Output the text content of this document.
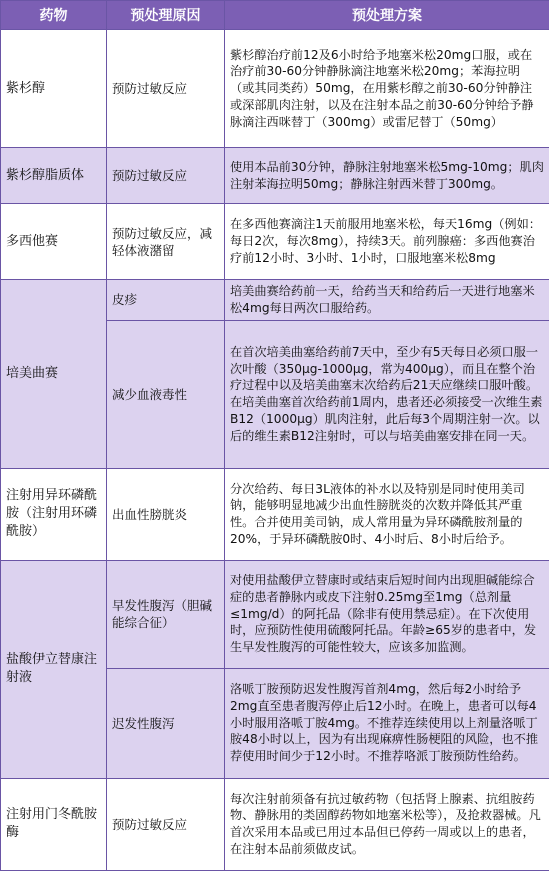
药物	预处理原因	预处理方案
紫杉醇	预防过敏反应	紫杉醇治疗前12及6小时给予地塞米松20mg口服，或在治疗前30-60分钟静脉滴注地塞米松20mg；苯海拉明（或其同类药）50mg，在用紫杉醇之前30-60分钟静注或深部肌肉注射，以及在注射本品之前30-60分钟给予静脉滴注西咪替丁（300mg）或雷尼替丁（50mg）
紫杉醇脂质体	预防过敏反应	使用本品前30分钟，静脉注射地塞米松5mg-10mg；肌肉注射苯海拉明50mg；静脉注射西米替丁300mg。
多西他赛	预防过敏反应，减轻体液潴留	在多西他赛滴注1天前服用地塞米松，每天16mg（例如：每日2次，每次8mg），持续3天。前列腺癌：多西他赛治疗前12小时、3小时、1小时，口服地塞米松8mg
培美曲赛	皮疹	培美曲赛给药前一天，给药当天和给药后一天进行地塞米松4mg每日两次口服给药。
	减少血液毒性	在首次培美曲塞给药前7天中，至少有5天每日必须口服一次叶酸（350μg-1000μg，常为400μg），而且在整个治疗过程中以及培美曲塞末次给药后21天应继续口服叶酸。在培美曲塞首次给药前1周内，患者还必须接受一次维生素B12（1000μg）肌肉注射，此后每3个周期注射一次。以后的维生素B12注射时，可以与培美曲塞安排在同一天。
注射用异环磷酰胺（注射用环磷酰胺）	出血性膀胱炎	分次给药、每日3L液体的补水以及特别是同时使用美司钠，能够明显地减少出血性膀胱炎的次数并降低其严重性。合并使用美司钠，成人常用量为异环磷酰胺剂量的20%，于异环磷酰胺0时、4小时后、8小时后给予。
盐酸伊立替康注射液	早发性腹泻（胆碱能综合征）	对使用盐酸伊立替康时或结束后短时间内出现胆碱能综合症的患者静脉内或皮下注射0.25mg至1mg（总剂量≤1mg/d）的阿托品（除非有使用禁忌症）。在下次使用时，应预防性使用硫酸阿托品。年龄≥65岁的患者中，发生早发性腹泻的可能性较大，应该多加监测。
	迟发性腹泻	洛哌丁胺预防迟发性腹泻首剂4mg，然后每2小时给予2mg直至患者腹泻停止后12小时。在晚上，患者可以每4小时服用洛哌丁胺4mg。不推荐连续使用以上剂量洛哌丁胺48小时以上，因为有出现麻痹性肠梗阻的风险，也不推荐使用时间少于12小时。不推荐咯派丁胺预防性给药。
注射用门冬酰胺酶	预防过敏反应	每次注射前须备有抗过敏药物（包括肾上腺素、抗组胺药物、静脉用的类固醇药物如地塞米松等），及抢救器械。凡首次采用本品或已用过本品但已停药一周或以上的患者，在注射本品前须做皮试。
